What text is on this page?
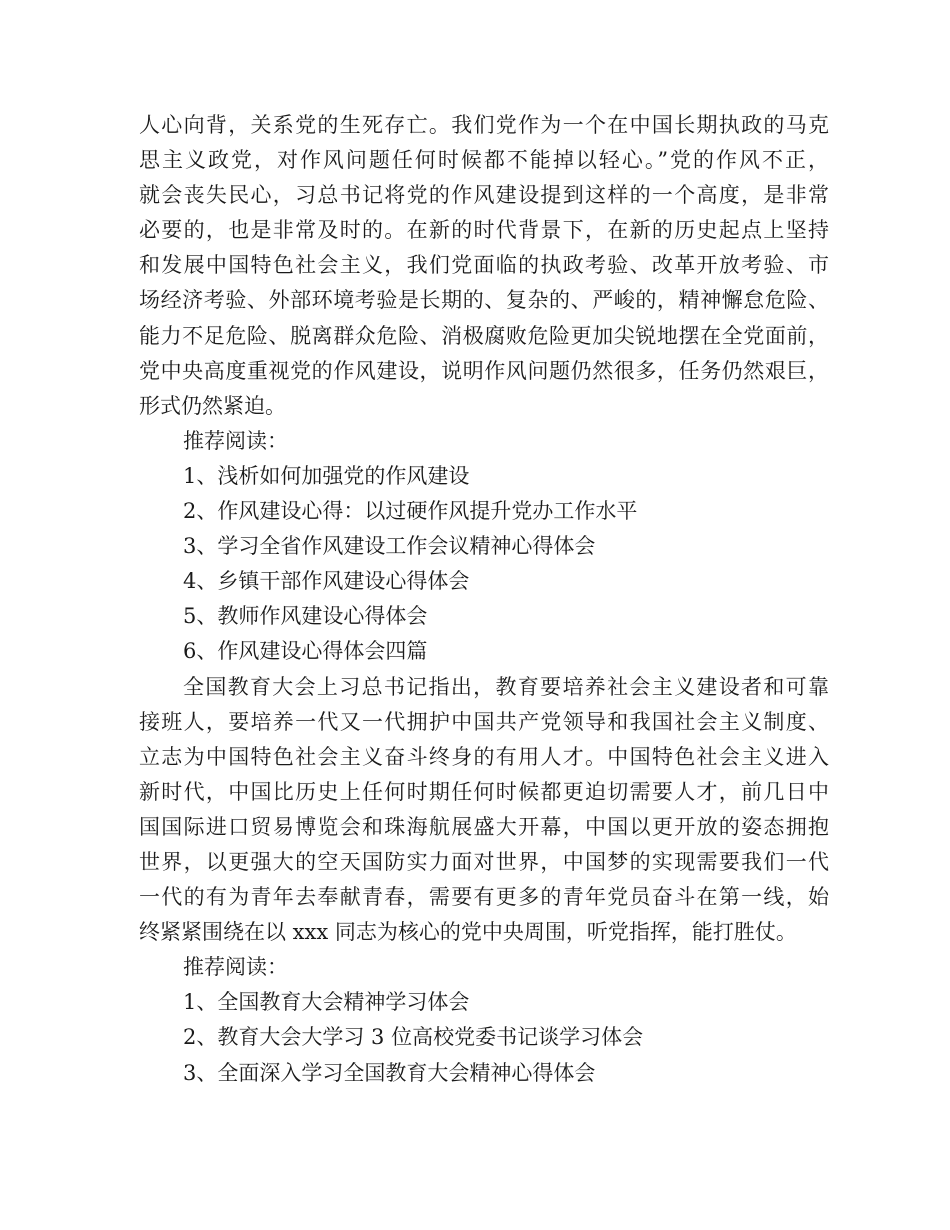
人心向背，关系党的生死存亡。我们党作为一个在中国长期执政的马克
思主义政党，对作风问题任何时候都不能掉以轻心。”党的作风不正，
就会丧失民心，习总书记将党的作风建设提到这样的一个高度，是非常
必要的，也是非常及时的。在新的时代背景下，在新的历史起点上坚持
和发展中国特色社会主义，我们党面临的执政考验、改革开放考验、市
场经济考验、外部环境考验是长期的、复杂的、严峻的，精神懈怠危险、
能力不足危险、脱离群众危险、消极腐败危险更加尖锐地摆在全党面前，
党中央高度重视党的作风建设，说明作风问题仍然很多，任务仍然艰巨，
形式仍然紧迫。
推荐阅读：
1、浅析如何加强党的作风建设
2、作风建设心得：以过硬作风提升党办工作水平
3、学习全省作风建设工作会议精神心得体会
4、乡镇干部作风建设心得体会
5、教师作风建设心得体会
6、作风建设心得体会四篇
全国教育大会上习总书记指出，教育要培养社会主义建设者和可靠
接班人，要培养一代又一代拥护中国共产党领导和我国社会主义制度、
立志为中国特色社会主义奋斗终身的有用人才。中国特色社会主义进入
新时代，中国比历史上任何时期任何时候都更迫切需要人才，前几日中
国国际进口贸易博览会和珠海航展盛大开幕，中国以更开放的姿态拥抱
世界，以更强大的空天国防实力面对世界，中国梦的实现需要我们一代
一代的有为青年去奉献青春，需要有更多的青年党员奋斗在第一线，始
终紧紧围绕在以 xxx 同志为核心的党中央周围，听党指挥，能打胜仗。
推荐阅读：
1、全国教育大会精神学习体会
2、教育大会大学习 3 位高校党委书记谈学习体会
3、全面深入学习全国教育大会精神心得体会
